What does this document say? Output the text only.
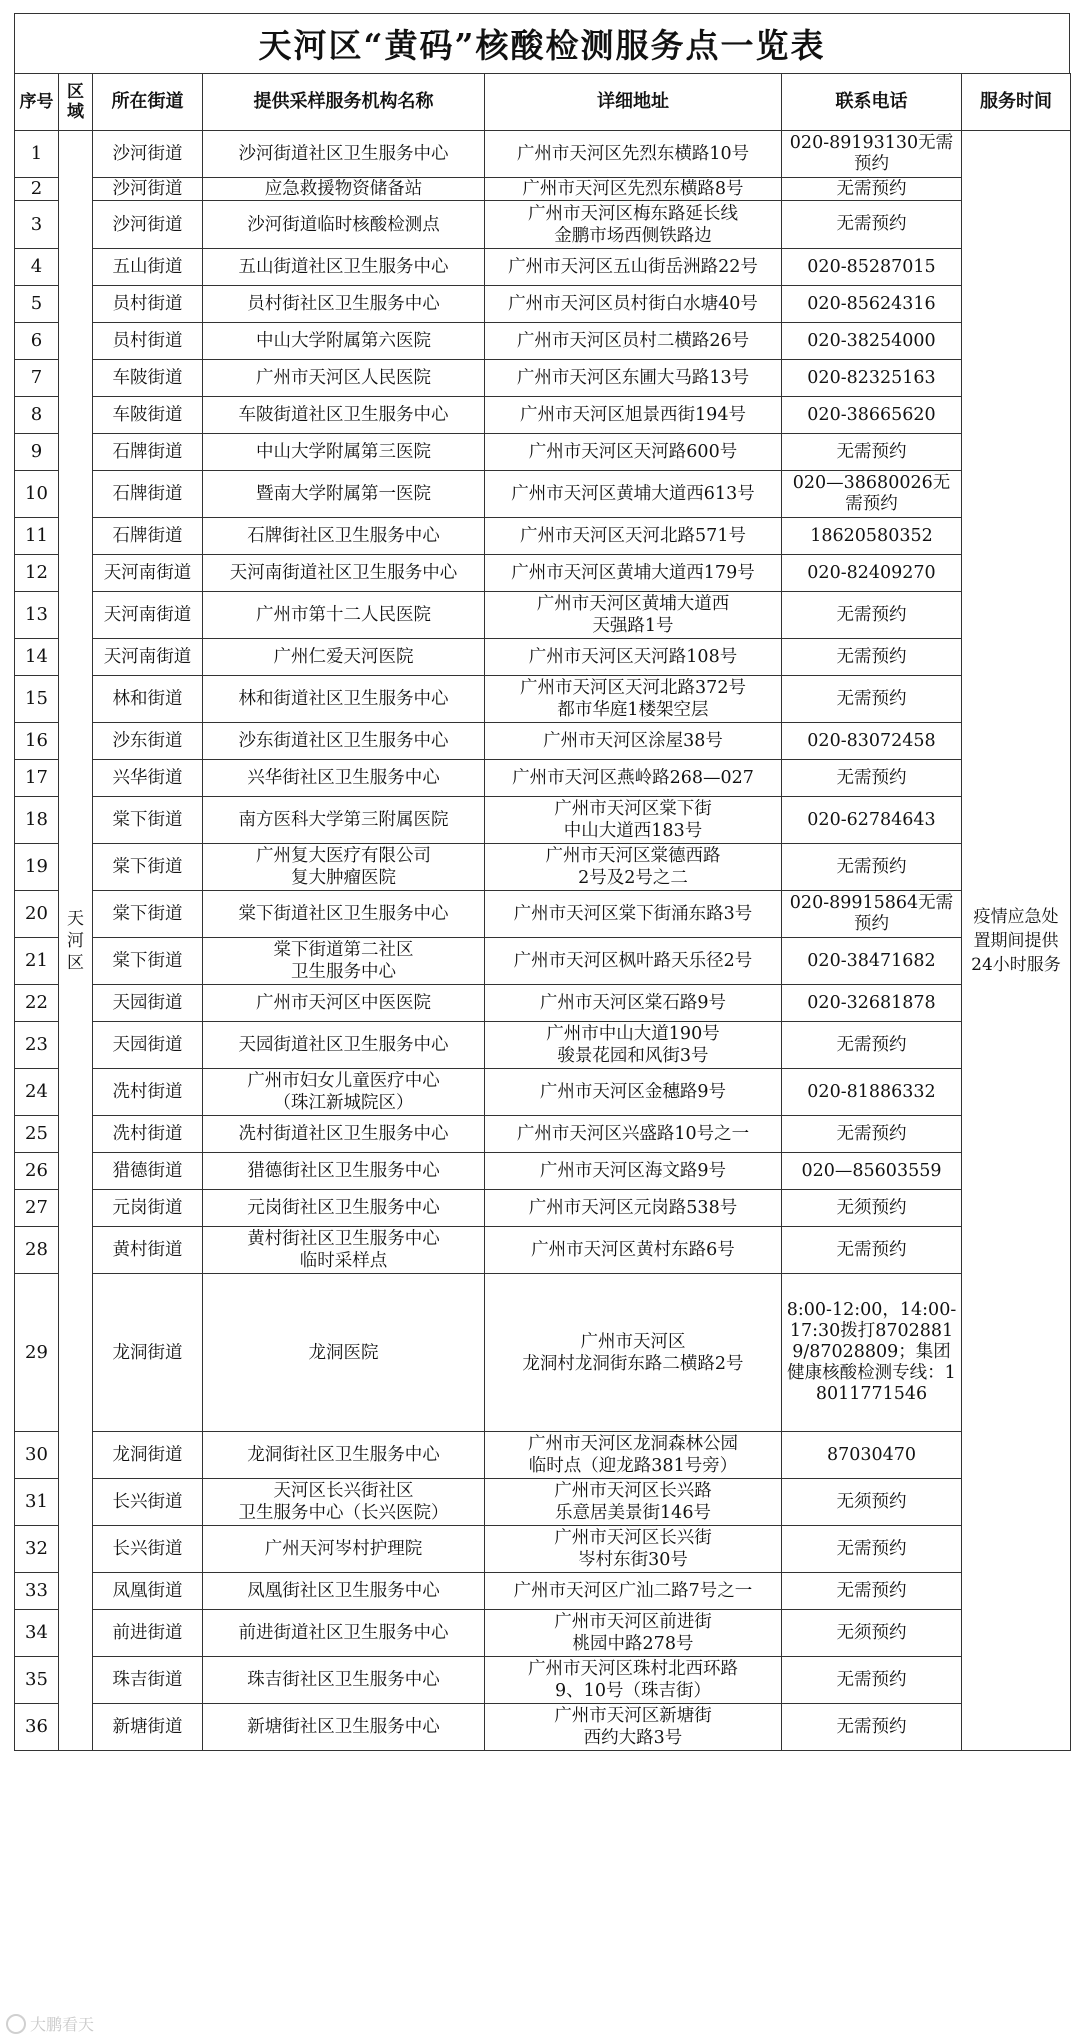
天河区“黄码”核酸检测服务点一览表
序号	区域	所在街道	提供采样服务机构名称	详细地址	联系电话	服务时间
1	天河区	沙河街道	沙河街道社区卫生服务中心	广州市天河区先烈东横路10号	020-89193130无需预约	疫情应急处置期间提供24小时服务
2		沙河街道	应急救援物资储备站	广州市天河区先烈东横路8号	无需预约	
3		沙河街道	沙河街道临时核酸检测点	广州市天河区梅东路延长线
金鹏市场西侧铁路边	无需预约	
4		五山街道	五山街道社区卫生服务中心	广州市天河区五山街岳洲路22号	020-85287015	
5		员村街道	员村街社区卫生服务中心	广州市天河区员村街白水塘40号	020-85624316	
6		员村街道	中山大学附属第六医院	广州市天河区员村二横路26号	020-38254000	
7		车陂街道	广州市天河区人民医院	广州市天河区东圃大马路13号	020-82325163	
8		车陂街道	车陂街道社区卫生服务中心	广州市天河区旭景西街194号	020-38665620	
9		石牌街道	中山大学附属第三医院	广州市天河区天河路600号	无需预约	
10		石牌街道	暨南大学附属第一医院	广州市天河区黄埔大道西613号	020—38680026无需预约	
11		石牌街道	石牌街社区卫生服务中心	广州市天河区天河北路571号	18620580352	
12		天河南街道	天河南街道社区卫生服务中心	广州市天河区黄埔大道西179号	020-82409270	
13		天河南街道	广州市第十二人民医院	广州市天河区黄埔大道西
天强路1号	无需预约	
14		天河南街道	广州仁爱天河医院	广州市天河区天河路108号	无需预约	
15		林和街道	林和街道社区卫生服务中心	广州市天河区天河北路372号
都市华庭1楼架空层	无需预约	
16		沙东街道	沙东街道社区卫生服务中心	广州市天河区涂屋38号	020-83072458	
17		兴华街道	兴华街社区卫生服务中心	广州市天河区燕岭路268—027	无需预约	
18		棠下街道	南方医科大学第三附属医院	广州市天河区棠下街
中山大道西183号	020-62784643	
19		棠下街道	广州复大医疗有限公司
复大肿瘤医院	广州市天河区棠德西路
2号及2号之二	无需预约	
20		棠下街道	棠下街道社区卫生服务中心	广州市天河区棠下街涌东路3号	020-89915864无需预约	
21		棠下街道	棠下街道第二社区
卫生服务中心	广州市天河区枫叶路天乐径2号	020-38471682	
22		天园街道	广州市天河区中医医院	广州市天河区棠石路9号	020-32681878	
23		天园街道	天园街道社区卫生服务中心	广州市中山大道190号
骏景花园和风街3号	无需预约	
24		冼村街道	广州市妇女儿童医疗中心
（珠江新城院区）	广州市天河区金穗路9号	020-81886332	
25		冼村街道	冼村街道社区卫生服务中心	广州市天河区兴盛路10号之一	无需预约	
26		猎德街道	猎德街社区卫生服务中心	广州市天河区海文路9号	020—85603559	
27		元岗街道	元岗街社区卫生服务中心	广州市天河区元岗路538号	无须预约	
28		黄村街道	黄村街社区卫生服务中心
临时采样点	广州市天河区黄村东路6号	无需预约	
29		龙洞街道	龙洞医院	广州市天河区
龙洞村龙洞街东路二横路2号	8:00-12:00，14:00-17:30拨打87028819/87028809；集团健康核酸检测专线：18011771546	
30		龙洞街道	龙洞街社区卫生服务中心	广州市天河区龙洞森林公园
临时点（迎龙路381号旁）	87030470	
31		长兴街道	天河区长兴街社区
卫生服务中心（长兴医院）	广州市天河区长兴路
乐意居美景街146号	无须预约	
32		长兴街道	广州天河岑村护理院	广州市天河区长兴街
岑村东街30号	无需预约	
33		凤凰街道	凤凰街社区卫生服务中心	广州市天河区广汕二路7号之一	无需预约	
34		前进街道	前进街道社区卫生服务中心	广州市天河区前进街
桃园中路278号	无须预约	
35		珠吉街道	珠吉街社区卫生服务中心	广州市天河区珠村北西环路
9、10号（珠吉街）	无需预约	
36		新塘街道	新塘街社区卫生服务中心	广州市天河区新塘街
西约大路3号	无需预约	
大鹏看天
